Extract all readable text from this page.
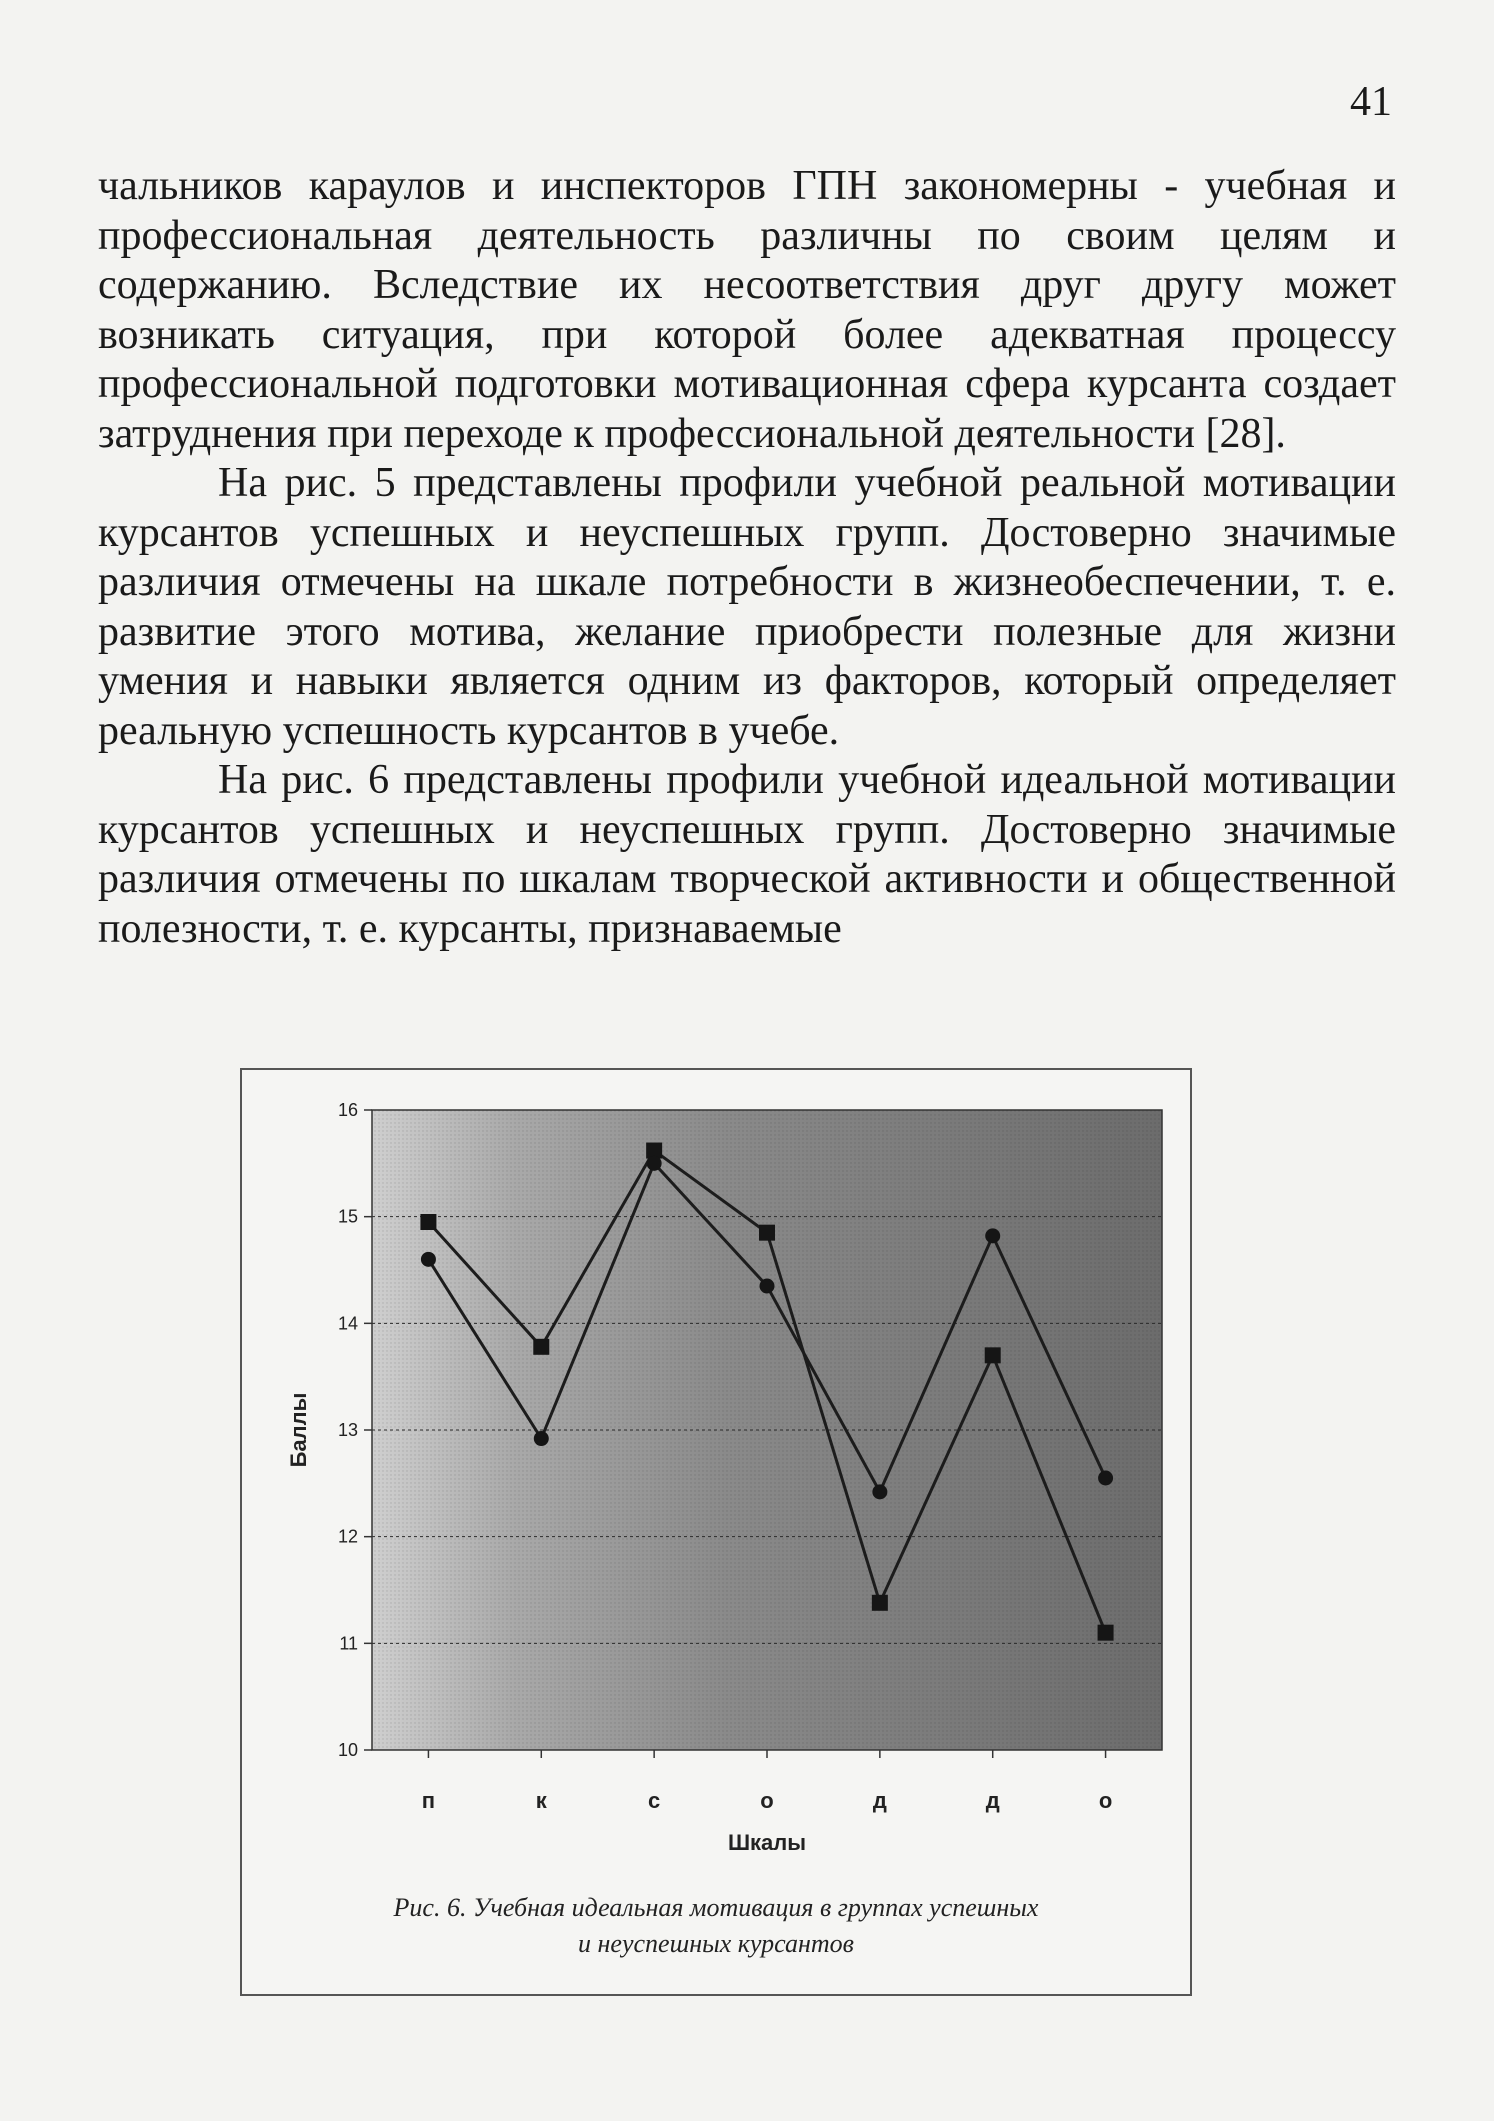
41

чальников караулов и инспекторов ГПН закономерны - учебная и профессиональная деятельность различны по своим целям и содержанию. Вследствие их несоответствия друг другу может возникать ситуация, при которой более адекватная процессу профессиональной подготовки мотивационная сфера курсанта создает затруднения при переходе к профессиональной деятельности [28].

На рис. 5 представлены профили учебной реальной мотивации курсантов успешных и неуспешных групп. Достоверно значимые различия отмечены на шкале потребности в жизнеобеспечении, т. е. развитие этого мотива, желание приобрести полезные для жизни умения и навыки является одним из факторов, который определяет реальную успешность курсантов в учебе.

На рис. 6 представлены профили учебной идеальной мотивации курсантов успешных и неуспешных групп. Достоверно значимые различия отмечены по шкалам творческой активности и общественной полезности, т. е. курсанты, признаваемые

10
11
12
13
14
15
16
п	к	с	о	д	д	о
Баллы
Шкалы
Рис. 6. Учебная идеальная мотивация в группах успешных
и неуспешных курсантов
